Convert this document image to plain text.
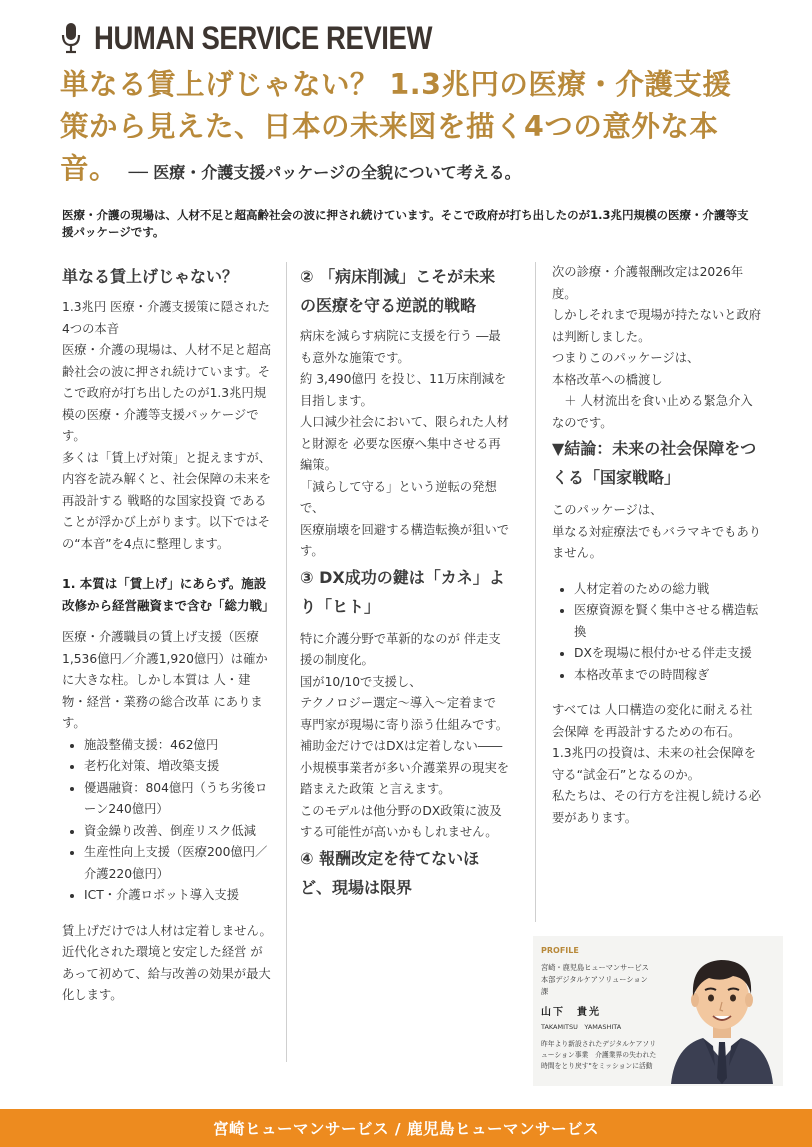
HUMAN SERVICE REVIEW
単なる賃上げじゃない？ 1.3兆円の医療・介護支援策から見えた、日本の未来図を描く4つの意外な本音。 ── 医療・介護支援パッケージの全貌について考える。
医療・介護の現場は、人材不足と超高齢社会の波に押され続けています。そこで政府が打ち出したのが1.3兆円規模の医療・介護等支援パッケージです。
単なる賃上げじゃない？

1.3兆円 医療・介護支援策に隠された4つの本音

医療・介護の現場は、人材不足と超高齢社会の波に押され続けています。そこで政府が打ち出したのが1.3兆円規模の医療・介護等支援パッケージです。

多くは「賃上げ対策」と捉えますが、内容を読み解くと、社会保障の未来を再設計する 戦略的な国家投資 であることが浮かび上がります。以下ではその“本音”を4点に整理します。

1. 本質は「賃上げ」にあらず。施設改修から経営融資まで含む「総力戦」

医療・介護職員の賃上げ支援（医療1,536億円／介護1,920億円）は確かに大きな柱。しかし本質は 人・建物・経営・業務の総合改革 にあります。

• 施設整備支援：462億円
• 老朽化対策、増改築支援
• 優遇融資：804億円（うち劣後ローン240億円）
• 資金繰り改善、倒産リスク低減
• 生産性向上支援（医療200億円／介護220億円）
• ICT・介護ロボット導入支援

賃上げだけでは人材は定着しません。

近代化された環境と安定した経営 があって初めて、給与改善の効果が最大化します。

② 「病床削減」こそが未来の医療を守る逆説的戦略

病床を減らす病院に支援を行う ―最も意外な施策です。

約 3,490億円 を投じ、11万床削減を目指します。

人口減少社会において、限られた人材と財源を 必要な医療へ集中させる再編策。

「減らして守る」という逆転の発想で、

医療崩壊を回避する構造転換が狙いです。

③ DX成功の鍵は「カネ」より「ヒト」

特に介護分野で革新的なのが 伴走支援の制度化。

国が10/10で支援し、

テクノロジー選定〜導入〜定着まで 専門家が現場に寄り添う仕組みです。

補助金だけではDXは定着しない――

小規模事業者が多い介護業界の現実を踏まえた政策 と言えます。

このモデルは他分野のDX政策に波及する可能性が高いかもしれません。

④ 報酬改定を待てないほど、現場は限界

次の診療・介護報酬改定は2026年度。

しかしそれまで現場が持たないと政府は判断しました。

つまりこのパッケージは、

本格改革への橋渡し

　＋ 人材流出を食い止める緊急介入

なのです。

▼結論：未来の社会保障をつくる「国家戦略」

このパッケージは、

単なる対症療法でもバラマキでもありません。

• 人材定着のための総力戦
• 医療資源を賢く集中させる構造転換
• DXを現場に根付かせる伴走支援
• 本格改革までの時間稼ぎ

すべては 人口構造の変化に耐える社会保障 を再設計するための布石。

1.3兆円の投資は、未来の社会保障を守る“試金石”となるのか。

私たちは、その行方を注視し続ける必要があります。

PROFILE
宮崎・鹿児島ヒューマンサービス　本部デジタルケアソリューション課
山下　貴光
TAKAMITSU　YAMASHITA
昨年より新設されたデジタルケアソリューション事業　介護業界の失われた時間をとり戻す"をミッションに活動
宮崎ヒューマンサービス / 鹿児島ヒューマンサービス
